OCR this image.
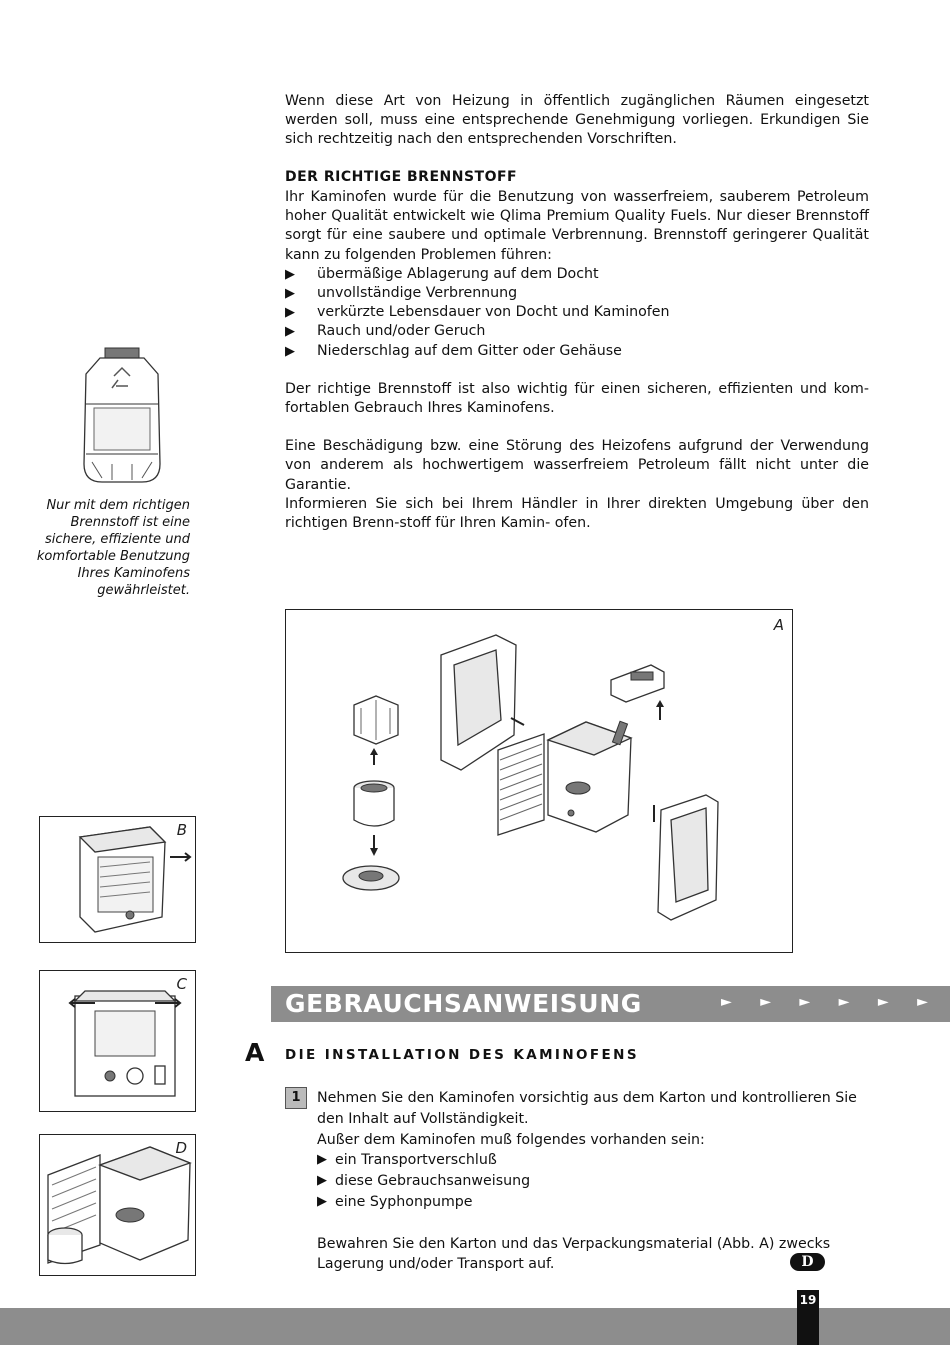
Wenn diese Art von Heizung in öffentlich zugänglichen Räumen eingesetzt werden soll, muss eine entsprechende Genehmigung vorliegen. Erkundigen Sie sich rechtzeitig nach den entsprechenden Vorschriften.

DER RICHTIGE BRENNSTOFF

Ihr Kaminofen wurde für die Benutzung von wasserfreiem, sauberem Petroleum hoher Qualität entwickelt wie Qlima Premium Quality Fuels. Nur dieser Brennstoff sorgt für eine saubere und optimale Verbrennung. Brennstoff geringerer Qualität kann zu folgenden Problemen führen:

▶ übermäßige Ablagerung auf dem Docht
▶ unvollständige Verbrennung
▶ verkürzte Lebensdauer von Docht und Kaminofen
▶ Rauch und/oder Geruch
▶ Niederschlag auf dem Gitter oder Gehäuse

Der richtige Brennstoff ist also wichtig für einen sicheren, effizienten und kom-fortablen Gebrauch Ihres Kaminofens.

Eine Beschädigung bzw. eine Störung des Heizofens aufgrund der Verwendung von anderem als hochwertigem wasserfreiem Petroleum fällt nicht unter die Garantie.

Informieren Sie sich bei Ihrem Händler in Ihrer direkten Umgebung über den richtigen Brenn-stoff für Ihren Kamin- ofen.

Nur mit dem richtigen Brennstoff ist eine sichere, effiziente und komfortable Benutzung Ihres Kaminofens gewährleistet.
A
B
C
D
GEBRAUCHSANWEISUNG	► ► ► ► ► ►
A DIE INSTALLATION DES KAMINOFENS
1	Nehmen Sie den Kaminofen vorsichtig aus dem Karton und kontrollieren Sie den Inhalt auf Vollständigkeit.

Außer dem Kaminofen muß folgendes vorhanden sein:

▶ ein Transportverschluß
▶ diese Gebrauchsanweisung
▶ eine Syphonpumpe

Bewahren Sie den Karton und das Verpackungsmaterial (Abb. A) zwecks Lagerung und/oder Transport auf.	D
19
